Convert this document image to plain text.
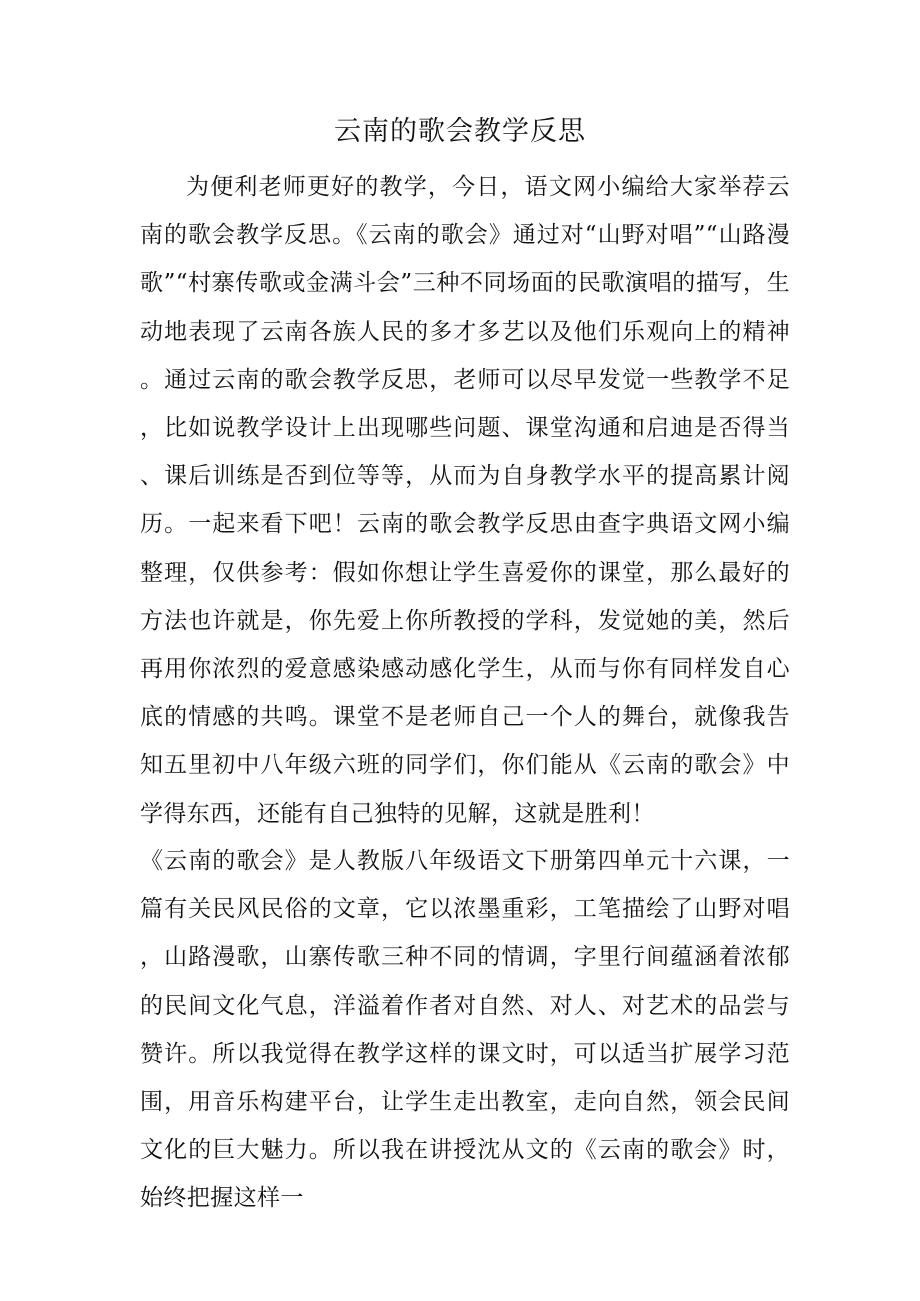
云南的歌会教学反思

为便利老师更好的教学，今日，语文网小编给大家举荐云南的歌会教学反思。《云南的歌会》通过对“山野对唱”“山路漫歌”“村寨传歌或金满斗会”三种不同场面的民歌演唱的描写，生动地表现了云南各族人民的多才多艺以及他们乐观向上的精神。通过云南的歌会教学反思，老师可以尽早发觉一些教学不足，比如说教学设计上出现哪些问题、课堂沟通和启迪是否得当、课后训练是否到位等等，从而为自身教学水平的提高累计阅历。一起来看下吧！云南的歌会教学反思由查字典语文网小编整理，仅供参考：假如你想让学生喜爱你的课堂，那么最好的方法也许就是，你先爱上你所教授的学科，发觉她的美，然后再用你浓烈的爱意感染感动感化学生，从而与你有同样发自心底的情感的共鸣。课堂不是老师自己一个人的舞台，就像我告知五里初中八年级六班的同学们，你们能从《云南的歌会》中学得东西，还能有自己独特的见解，这就是胜利！

《云南的歌会》是人教版八年级语文下册第四单元十六课，一篇有关民风民俗的文章，它以浓墨重彩，工笔描绘了山野对唱，山路漫歌，山寨传歌三种不同的情调，字里行间蕴涵着浓郁的民间文化气息，洋溢着作者对自然、对人、对艺术的品尝与赞许。所以我觉得在教学这样的课文时，可以适当扩展学习范围，用音乐构建平台，让学生走出教室，走向自然，领会民间文化的巨大魅力。所以我在讲授沈从文的《云南的歌会》时，始终把握这样一
